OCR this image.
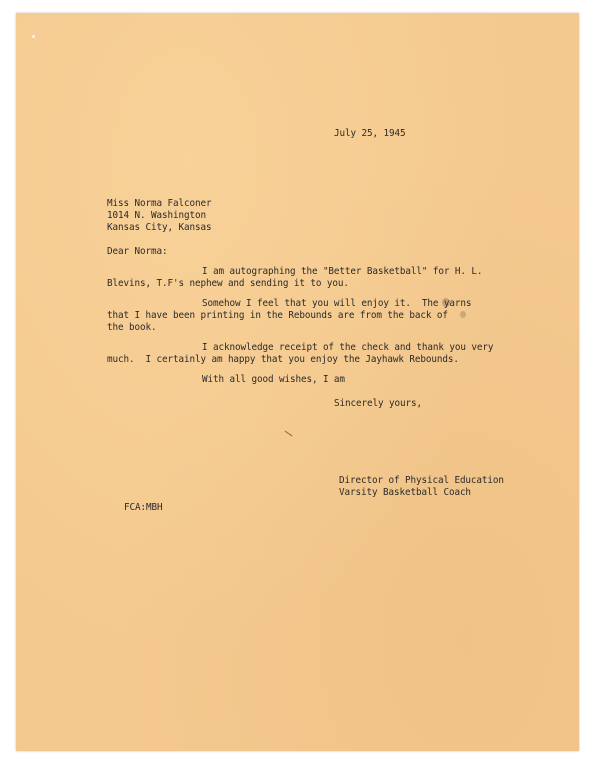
July 25, 1945
Miss Norma Falconer
1014 N. Washington
Kansas City, Kansas
Dear Norma:
I am autographing the "Better Basketball" for H. L.
Blevins, T.F's nephew and sending it to you.
Somehow I feel that you will enjoy it.  The yarns
that I have been printing in the Rebounds are from the back of
the book.
I acknowledge receipt of the check and thank you very
much.  I certainly am happy that you enjoy the Jayhawk Rebounds.
With all good wishes, I am
Sincerely yours,
Director of Physical Education
Varsity Basketball Coach
FCA:MBH
